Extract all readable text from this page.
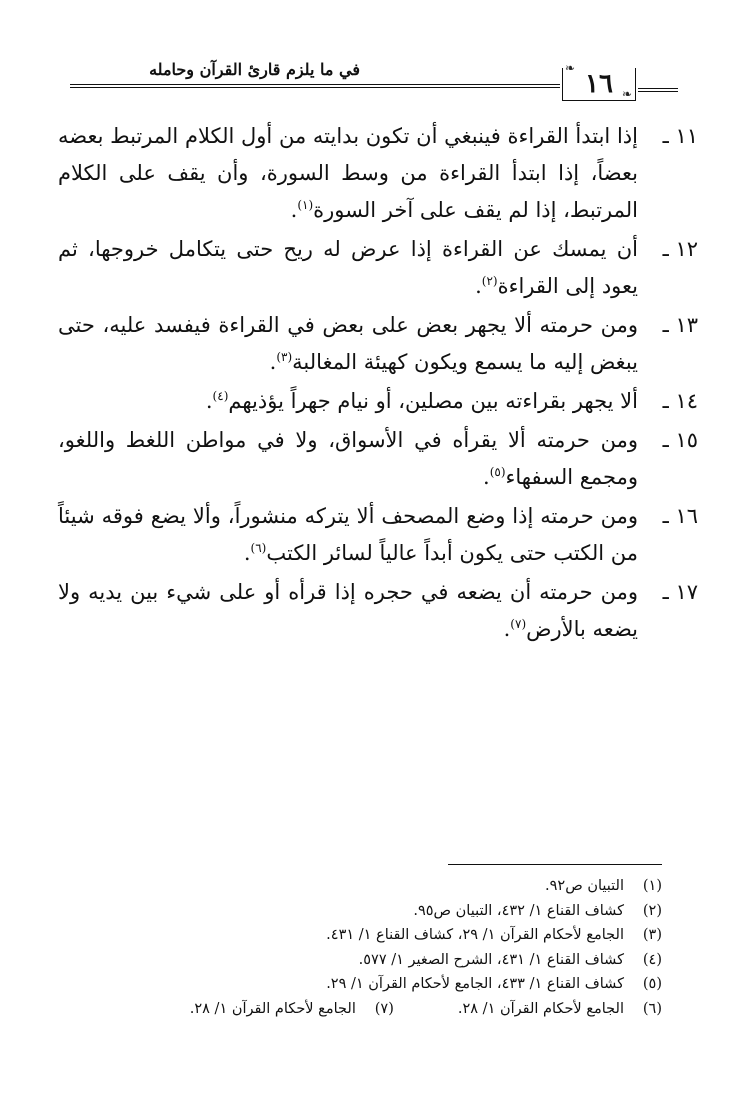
في ما يلزم قارئ القرآن وحامله	١٦
❧
❧
١١ ـ
إذا ابتدأ القراءة فينبغي أن تكون بدايته من أول الكلام المرتبط بعضه بعضاً، إذا ابتدأ القراءة من وسط السورة، وأن يقف على الكلام المرتبط، إذا لم يقف على آخر السورة$^{(١)}$.
١٢ ـ
أن يمسك عن القراءة إذا عرض له ريح حتى يتكامل خروجها، ثم يعود إلى القراءة$^{(٢)}$.
١٣ ـ
ومن حرمته ألا يجهر بعض على بعض في القراءة فيفسد عليه، حتى يبغض إليه ما يسمع ويكون كهيئة المغالبة$^{(٣)}$.
١٤ ـ
ألا يجهر بقراءته بين مصلين، أو نيام جهراً يؤذيهم$^{(٤)}$.
١٥ ـ
ومن حرمته ألا يقرأه في الأسواق، ولا في مواطن اللغط واللغو، ومجمع السفهاء$^{(٥)}$.
١٦ ـ
ومن حرمته إذا وضع المصحف ألا يتركه منشوراً، وألا يضع فوقه شيئاً من الكتب حتى يكون أبداً عالياً لسائر الكتب$^{(٦)}$.
١٧ ـ
ومن حرمته أن يضعه في حجره إذا قرأه أو على شيء بين يديه ولا يضعه بالأرض$^{(٧)}$.
(١)
التبيان ص٩٢.
(٢)
كشاف القناع ١/ ٤٣٢، التبيان ص٩٥.
(٣)
الجامع لأحكام القرآن ١/ ٢٩، كشاف القناع ١/ ٤٣١.
(٤)
كشاف القناع ١/ ٤٣١، الشرح الصغير ١/ ٥٧٧.
(٥)
كشاف القناع ١/ ٤٣٣، الجامع لأحكام القرآن ١/ ٢٩.
(٦)
الجامع لأحكام القرآن ١/ ٢٨.
(٧)
الجامع لأحكام القرآن ١/ ٢٨.
